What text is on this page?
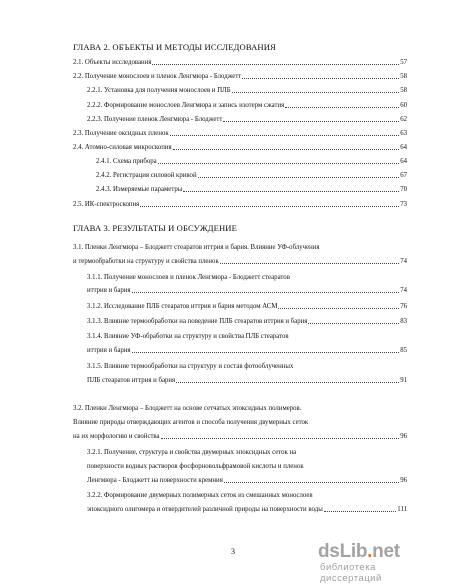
ГЛАВА 2. ОБЪЕКТЫ И МЕТОДЫ ИССЛЕДОВАНИЯ
2.1. Объекты исследования	57
2.2. Получение монослоев и пленок Ленгмюра - Блоджетт	58
2.2.1. Установка для получения монослоев и ПЛБ	58
2.2.2. Формирование монослоев Ленгмюра и запись изотерм сжатия	60
2.2.3. Получение пленок Ленгмюра - Блоджетт	62
2.3. Получение оксидных пленок	63
2.4. Атомно-силовая микроскопия	64
2.4.1. Схема прибора	64
2.4.2. Регистрация силовой кривой	67
2.4.3. Измеряемые параметры	70
2.5. ИК-спектроскопия	73
ГЛАВА 3. РЕЗУЛЬТАТЫ И ОБСУЖДЕНИЕ
3.1. Пленки Ленгмюра – Блоджетт стеаратов иттрия и бария. Влияние УФ-облучения
и термообработки на структуру и свойства пленок	74
3.1.1. Получение монослоев и пленок Ленгмюра - Блоджетт стеаратов
иттрия и бария	74
3.1.2. Исследование ПЛБ стеаратов иттрия и бария методом АСМ	76
3.1.3. Влияние термообработки на поведение ПЛБ стеаратов иттрия и бария	83
3.1.4. Влияние УФ-обработки на структуру и свойства ПЛБ стеаратов
иттрия и бария	85
3.1.5. Влияние термообработки на структуру и состав фотооблученных
ПЛБ стеаратов иттрия и бария	91
3.2. Пленки Ленгмюра – Блоджетт на основе сетчатых эпоксидных полимеров.
Влияние природы отверждающих агентов и способа получения двумерных сеток
на их морфологию и свойства	96
3.2.1. Получение, структура и свойства двумерных эпоксидных сеток на
поверхности водных растворов фосфорновольфрамовой кислоты и пленок
Ленгмюра - Блоджетт на поверхности кремния	96
3.2.2. Формирование двумерных полимерных сеток из смешанных монослоев
эпоксидного олигомера и отвердителей различной природы на поверхности воды	111
3	dsLib.net
библиотека диссертаций
